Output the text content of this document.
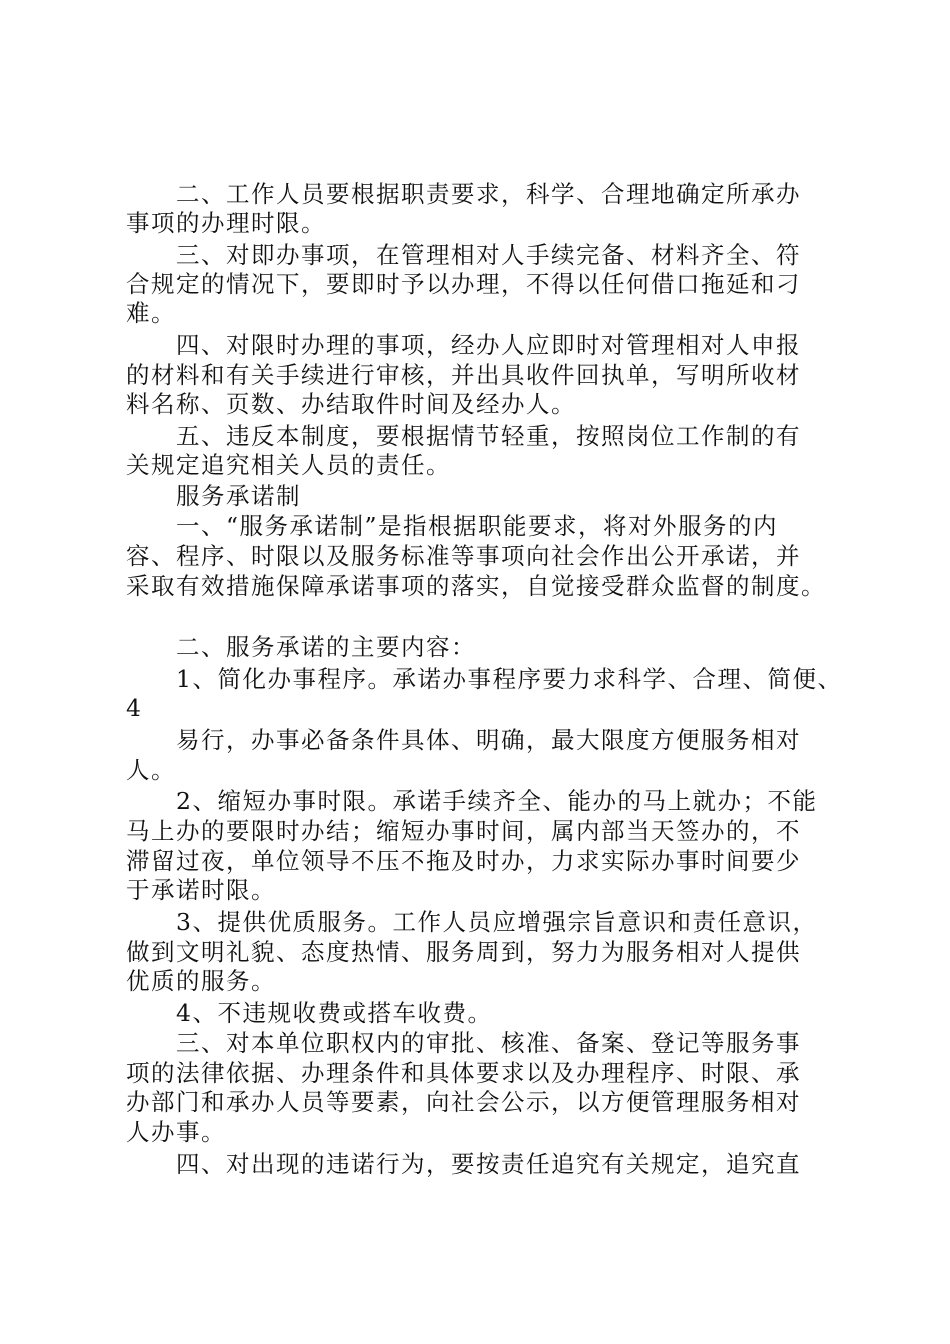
　　二、工作人员要根据职责要求，科学、合理地确定所承办
事项的办理时限。
　　三、对即办事项，在管理相对人手续完备、材料齐全、符
合规定的情况下，要即时予以办理，不得以任何借口拖延和刁
难。
　　四、对限时办理的事项，经办人应即时对管理相对人申报
的材料和有关手续进行审核，并出具收件回执单，写明所收材
料名称、页数、办结取件时间及经办人。
　　五、违反本制度，要根据情节轻重，按照岗位工作制的有
关规定追究相关人员的责任。
　　服务承诺制
　　一、“服务承诺制”是指根据职能要求，将对外服务的内
容、程序、时限以及服务标准等事项向社会作出公开承诺，并
采取有效措施保障承诺事项的落实，自觉接受群众监督的制度。
　　二、服务承诺的主要内容：
　　1、简化办事程序。承诺办事程序要力求科学、合理、简便、
4
　　易行，办事必备条件具体、明确，最大限度方便服务相对
人。
　　2、缩短办事时限。承诺手续齐全、能办的马上就办；不能
马上办的要限时办结；缩短办事时间，属内部当天签办的，不
滞留过夜，单位领导不压不拖及时办，力求实际办事时间要少
于承诺时限。
　　3、提供优质服务。工作人员应增强宗旨意识和责任意识，
做到文明礼貌、态度热情、服务周到，努力为服务相对人提供
优质的服务。
　　4、不违规收费或搭车收费。
　　三、对本单位职权内的审批、核准、备案、登记等服务事
项的法律依据、办理条件和具体要求以及办理程序、时限、承
办部门和承办人员等要素，向社会公示，以方便管理服务相对
人办事。
　　四、对出现的违诺行为，要按责任追究有关规定，追究直
